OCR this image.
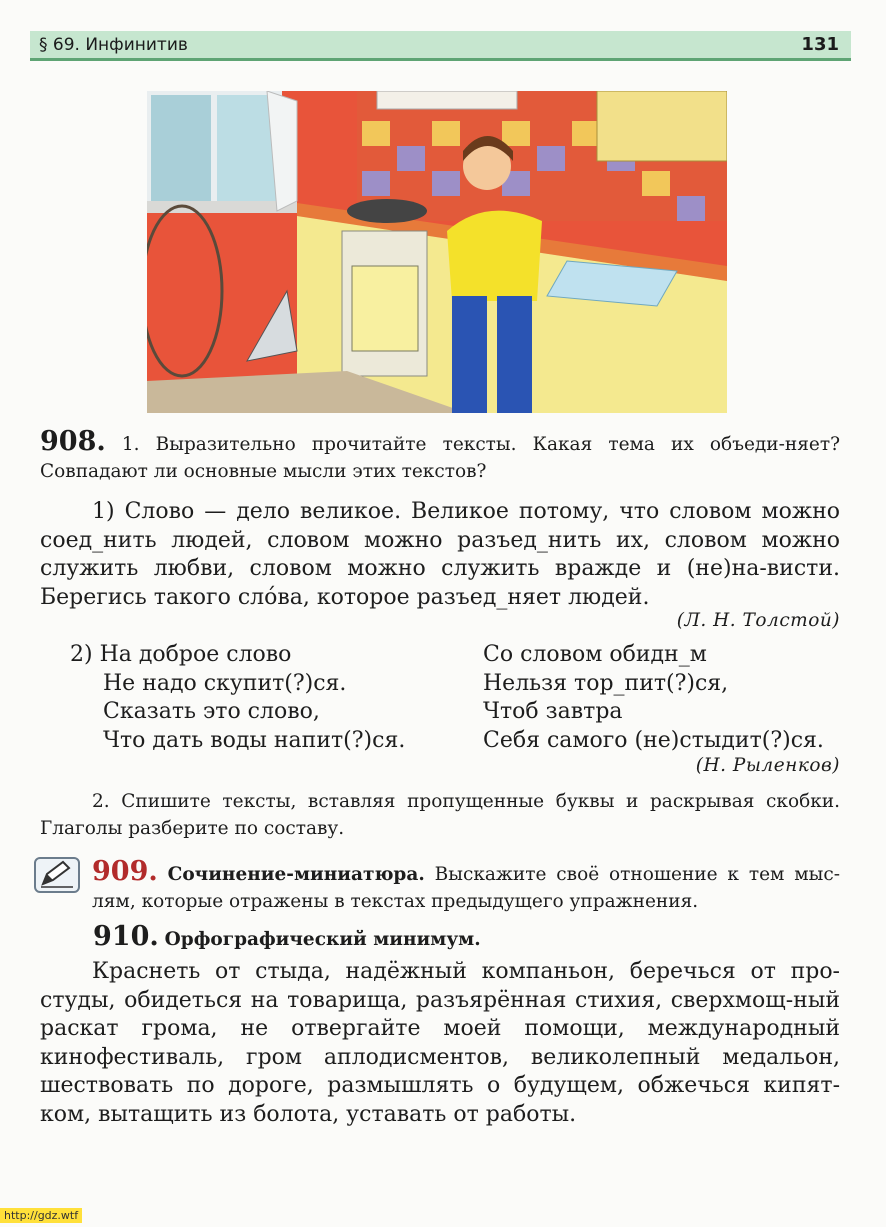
§ 69. Инфинитив	131
908. 1. Выразительно прочитайте тексты. Какая тема их объеди-няет? Совпадают ли основные мысли этих текстов?
1) Слово — дело великое. Великое потому, что словом можно соед_нить людей, словом можно разъед_нить их, словом можно служить любви, словом можно служить вражде и (не)на-висти. Берегись такого сло́ва, которое разъед_няет людей.
(Л. Н. Толстой)
2) На доброе слово
Не надо скупит(?)ся.
Сказать это слово,
Что дать воды напит(?)ся.
Со словом обидн_м
Нельзя тор_пит(?)ся,
Чтоб завтра
Себя самого (не)стыдит(?)ся.
(Н. Рыленков)
2. Спишите тексты, вставляя пропущенные буквы и раскрывая скобки. Глаголы разберите по составу.
909. Сочинение-миниатюра. Выскажите своё отношение к тем мыс-лям, которые отражены в текстах предыдущего упражнения.
910. Орфографический минимум.
Краснеть от стыда, надёжный компаньон, беречься от про-студы, обидеться на товарища, разъярённая стихия, сверхмощ-ный раскат грома, не отвергайте моей помощи, международный кинофестиваль, гром аплодисментов, великолепный медальон, шествовать по дороге, размышлять о будущем, обжечься кипят-ком, вытащить из болота, уставать от работы.
http://gdz.wtf
